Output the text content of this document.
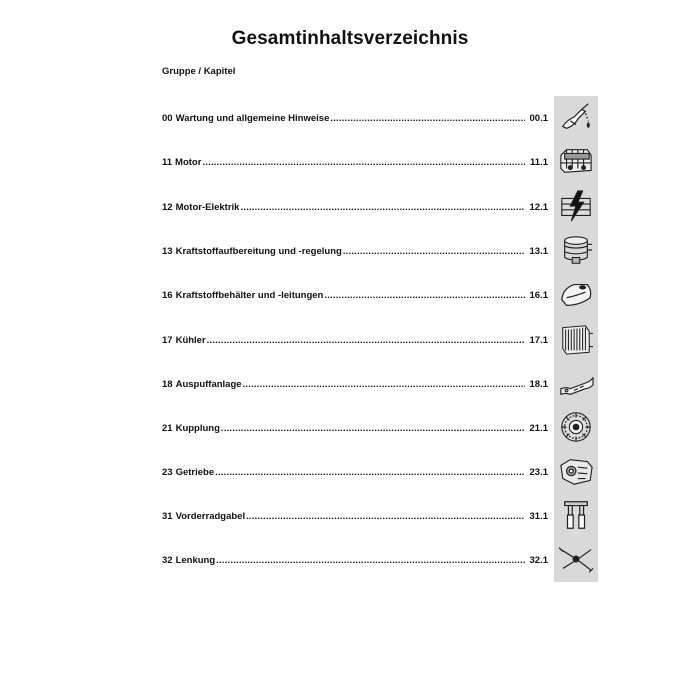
Gesamtinhaltsverzeichnis
Gruppe / Kapitel
00 Wartung und allgemeine Hinweise .....	00.1
11 Motor .....	11.1
12 Motor-Elektrik .....	12.1
13 Kraftstoffaufbereitung und -regelung .....	13.1
16 Kraftstoffbehälter und -leitungen .....	16.1
17 Kühler .....	17.1
18 Auspuffanlage .....	18.1
21 Kupplung .....	21.1
23 Getriebe .....	23.1
31 Vorderradgabel .....	31.1
32 Lenkung .....	32.1
